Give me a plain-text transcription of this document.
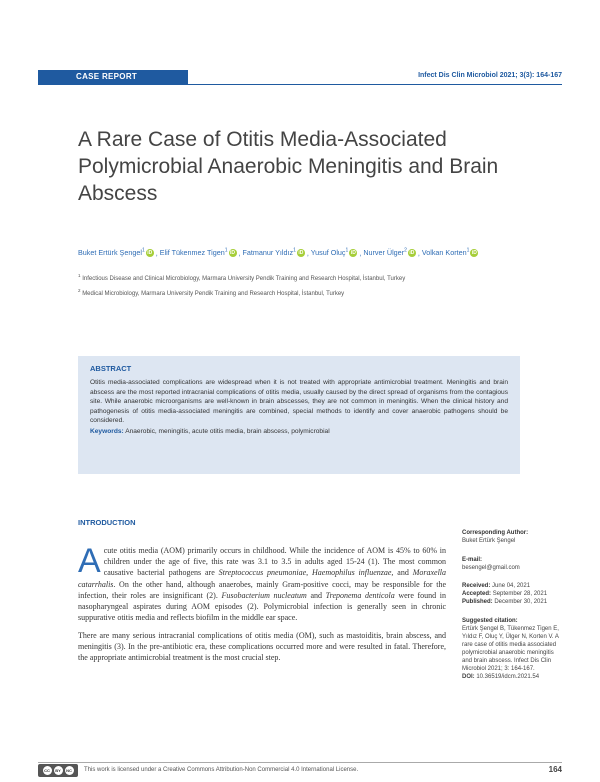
CASE REPORT	Infect Dis Clin Microbiol 2021; 3(3): 164-167
A Rare Case of Otitis Media-Associated Polymicrobial Anaerobic Meningitis and Brain Abscess
Buket Ertürk Şengel$^1$ iD , Elif Tükenmez Tigen$^1$ iD , Fatmanur Yıldız$^1$ iD , Yusuf Oluç$^1$ iD , Nurver Ülger$^2$ iD , Volkan Korten$^1$ iD
$^1$ Infectious Disease and Clinical Microbiology, Marmara University Pendik Training and Research Hospital, İstanbul, Turkey
$^2$ Medical Microbiology, Marmara University Pendik Training and Research Hospital, İstanbul, Turkey
ABSTRACT
Otitis media-associated complications are widespread when it is not treated with appropriate antimicrobial treatment. Meningitis and brain abscess are the most reported intracranial complications of otitis media, usually caused by the direct spread of organisms from the contagious site. While anaerobic microorganisms are well-known in brain abscesses, they are not common in meningitis. When the clinical history and pathogenesis of otitis media-associated meningitis are combined, special methods to identify and cover anaerobic pathogens should be considered.
Keywords: Anaerobic, meningitis, acute otitis media, brain abscess, polymicrobial
INTRODUCTION
Acute otitis media (AOM) primarily occurs in childhood. While the incidence of AOM is 45% to 60% in children under the age of five, this rate was 3.1 to 3.5 in adults aged 15-24 (1). The most common causative bacterial pathogens are Streptococcus pneumoniae, Haemophilus influenzae, and Moraxella catarrhalis. On the other hand, although anaerobes, mainly Gram-positive cocci, may be responsible for the infection, their roles are insignificant (2). Fusobacterium nucleatum and Treponema denticola were found in nasopharyngeal aspirates during AOM episodes (2). Polymicrobial infection is generally seen in chronic suppurative otitis media and reflects biofilm in the middle ear space.
There are many serious intracranial complications of otitis media (OM), such as mastoiditis, brain abscess, and meningitis (3). In the pre-antibiotic era, these complications occurred more and were resulted in fatal. Therefore, the appropriate antimicrobial treatment is the most crucial step.
Corresponding Author:
Buket Ertürk Şengel
E-mail:
besengel@gmail.com
Received: June 04, 2021
Accepted: September 28, 2021
Published: December 30, 2021
Suggested citation:
Ertürk Şengel B, Tükenmez Tigen E, Yıldız F, Oluç Y, Ülger N, Korten V. A rare case of otitis media associated polymicrobial anaerobic meningitis and brain abscess. Infect Dis Clin Microbiol 2021; 3: 164-167.
DOI: 10.36519/idcm.2021.54
CC	BY	NC This work is licensed under a Creative Commons Attribution-Non Commercial 4.0 International License.	164
